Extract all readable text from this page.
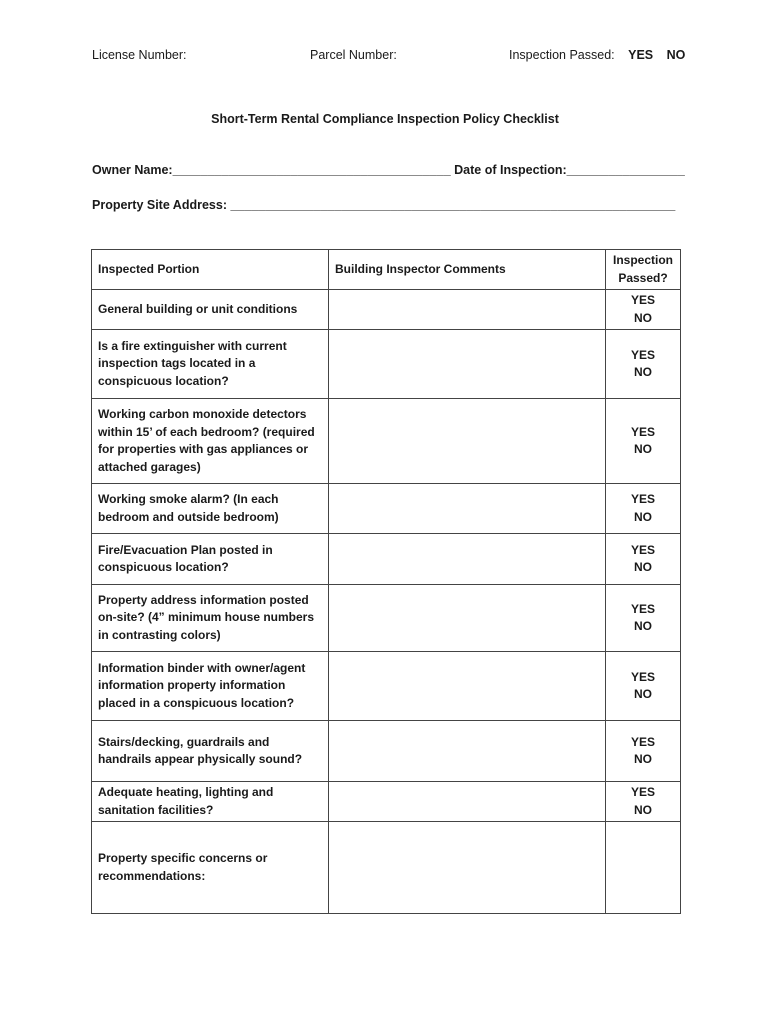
License Number:	Parcel Number:	Inspection Passed: YES NO
Short-Term Rental Compliance Inspection Policy Checklist
Owner Name:________________________________________ Date of Inspection:_________________
Property Site Address: ________________________________________________________________
Inspected Portion	Building Inspector Comments	Inspection
Passed?

General building or unit conditions		YESNO
Is a fire extinguisher with current inspection tags located in a conspicuous location?		YESNO
Working carbon monoxide detectors within 15’ of each bedroom? (required for properties with gas appliances or attached garages)		YESNO
Working smoke alarm? (In each bedroom and outside bedroom)		YESNO
Fire/Evacuation Plan posted in conspicuous location?		YESNO
Property address information posted on-site? (4” minimum house numbers in contrasting colors)		YESNO
Information binder with owner/agent information property information placed in a conspicuous location?		YESNO
Stairs/decking, guardrails and handrails appear physically sound?		YESNO
Adequate heating, lighting and sanitation facilities?		YESNO
Property specific concerns or recommendations:		
